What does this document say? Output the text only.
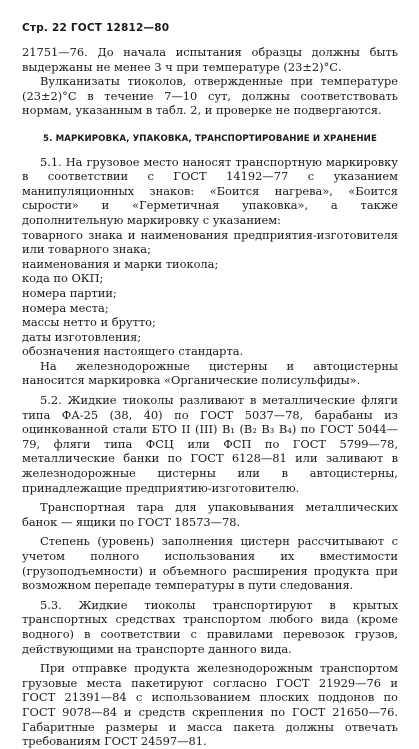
Стр. 22 ГОСТ 12812—80

21751—76. До начала испытания образцы должны быть выдержаны не менее 3 ч при температуре (23±2)°С.

Вулканизаты тиоколов, отвержденные при температуре (23±2)°С в течение 7—10 сут, должны соответствовать нормам, указанным в табл. 2, и проверке не подвергаются.

5. МАРКИРОВКА, УПАКОВКА, ТРАНСПОРТИРОВАНИЕ И ХРАНЕНИЕ

5.1. На грузовое место наносят транспортную маркировку в соответствии с ГОСТ 14192—77 с указанием манипуляционных знаков: «Боится нагрева», «Боится сырости» и «Герметичная упаковка», а также дополнительную маркировку с указанием:

товарного знака и наименования предприятия-изготовителя или товарного знака;

наименования и марки тиокола;

кода по ОКП;

номера партии;

номера места;

массы нетто и брутто;

даты изготовления;

обозначения настоящего стандарта.

На железнодорожные цистерны и автоцистерны наносится маркировка «Органические полисульфиды».

5.2. Жидкие тиоколы разливают в металлические фляги типа ФА-25 (38, 40) по ГОСТ 5037—78, барабаны из оцинкованной стали БТО II (III) В₁ (В₂ В₃ В₄) по ГОСТ 5044—79, фляги типа ФСЦ или ФСП по ГОСТ 5799—78, металлические банки по ГОСТ 6128—81 или заливают в железнодорожные цистерны или в автоцистерны, принадлежащие предприятию-изготовителю.

Транспортная тара для упаковывания металлических банок — ящики по ГОСТ 18573—78.

Степень (уровень) заполнения цистерн рассчитывают с учетом полного использования их вместимости (грузоподъемности) и объемного расширения продукта при возможном перепаде температуры в пути следования.

5.3. Жидкие тиоколы транспортируют в крытых транспортных средствах транспортом любого вида (кроме водного) в соответствии с правилами перевозок грузов, действующими на транспорте данного вида.

При отправке продукта железнодорожным транспортом грузовые места пакетируют согласно ГОСТ 21929—76 и ГОСТ 21391—84 с использованием плоских поддонов по ГОСТ 9078—84 и средств скрепления по ГОСТ 21650—76. Габаритные размеры и масса пакета должны отвечать требованиям ГОСТ 24597—81.
